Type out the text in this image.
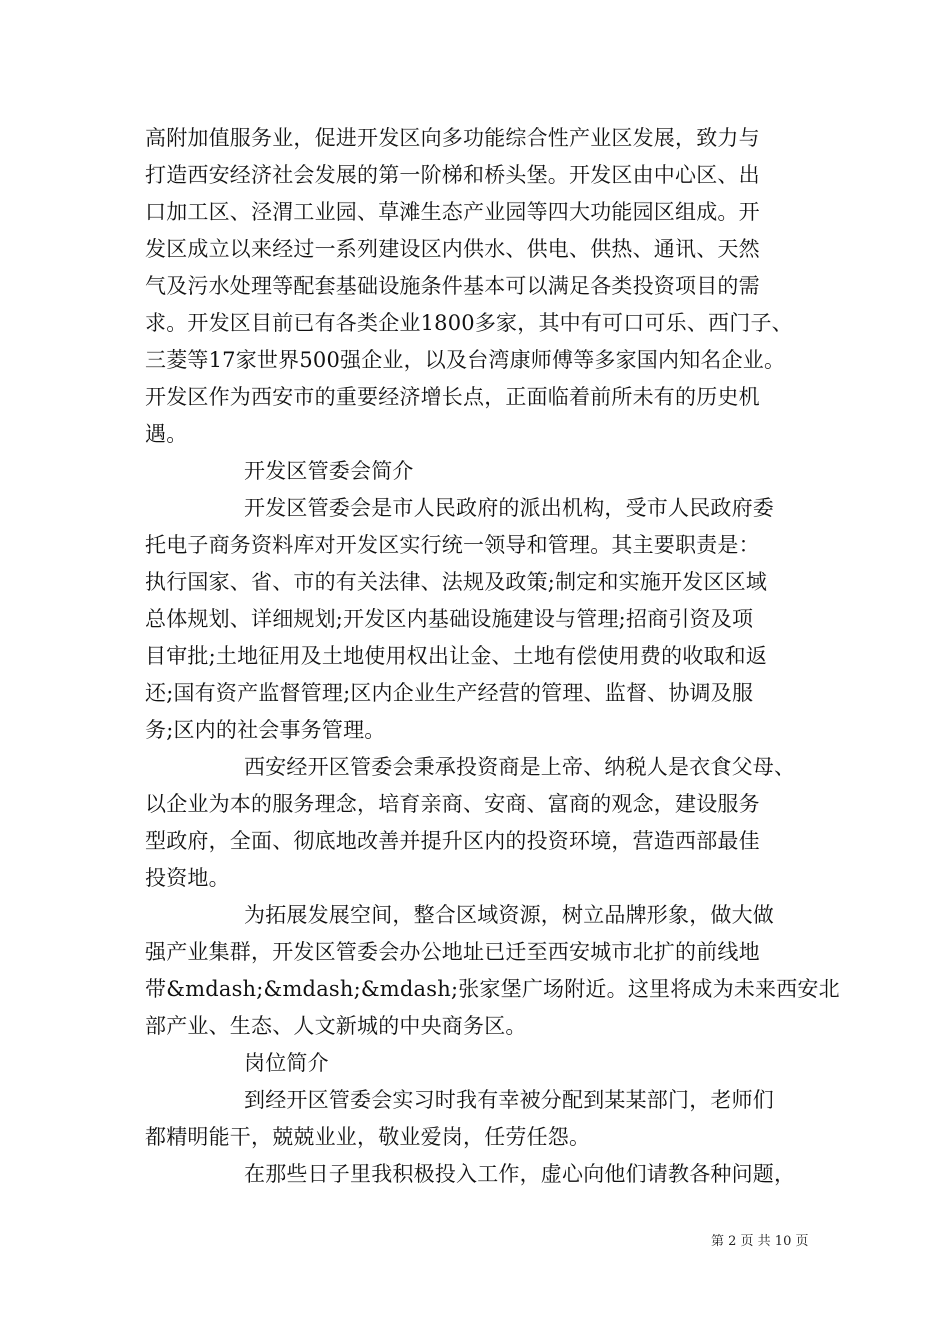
高附加值服务业，促进开发区向多功能综合性产业区发展，致力与
打造西安经济社会发展的第一阶梯和桥头堡。开发区由中心区、出
口加工区、泾渭工业园、草滩生态产业园等四大功能园区组成。开
发区成立以来经过一系列建设区内供水、供电、供热、通讯、天然
气及污水处理等配套基础设施条件基本可以满足各类投资项目的需
求。开发区目前已有各类企业1800多家，其中有可口可乐、西门子、
三菱等17家世界500强企业，以及台湾康师傅等多家国内知名企业。
开发区作为西安市的重要经济增长点，正面临着前所未有的历史机
遇。
开发区管委会简介
开发区管委会是市人民政府的派出机构，受市人民政府委
托电子商务资料库对开发区实行统一领导和管理。其主要职责是：
执行国家、省、市的有关法律、法规及政策;制定和实施开发区区域
总体规划、详细规划;开发区内基础设施建设与管理;招商引资及项
目审批;土地征用及土地使用权出让金、土地有偿使用费的收取和返
还;国有资产监督管理;区内企业生产经营的管理、监督、协调及服
务;区内的社会事务管理。
西安经开区管委会秉承投资商是上帝、纳税人是衣食父母、
以企业为本的服务理念，培育亲商、安商、富商的观念，建设服务
型政府，全面、彻底地改善并提升区内的投资环境，营造西部最佳
投资地。
为拓展发展空间，整合区域资源，树立品牌形象，做大做
强产业集群，开发区管委会办公地址已迁至西安城市北扩的前线地
带&mdash;&mdash;&mdash;张家堡广场附近。这里将成为未来西安北
部产业、生态、人文新城的中央商务区。
岗位简介
到经开区管委会实习时我有幸被分配到某某部门，老师们
都精明能干，兢兢业业，敬业爱岗，任劳任怨。
在那些日子里我积极投入工作，虚心向他们请教各种问题，
第 2 页 共 10 页
